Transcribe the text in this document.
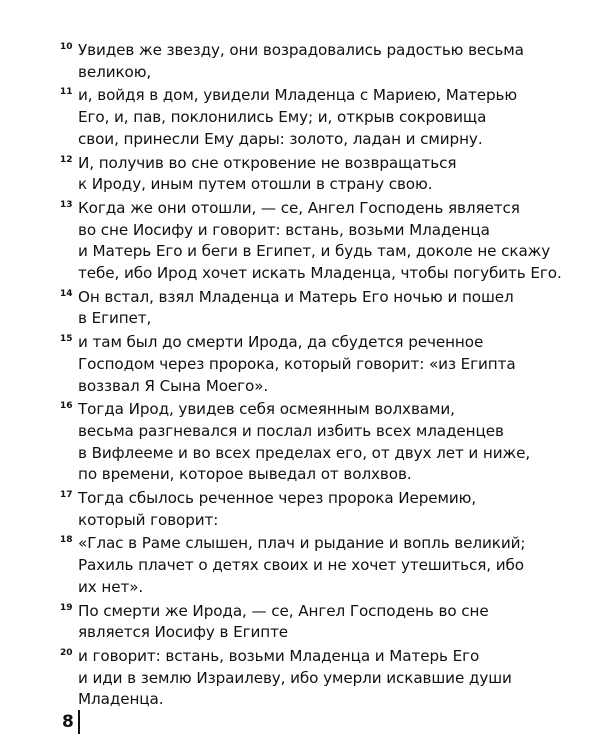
10 Увидев же звезду, они возрадовались радостью весьма
великою,
11 и, войдя в дом, увидели Младенца с Мариею, Матерью
Его, и, пав, поклонились Ему; и, открыв сокровища
свои, принесли Ему дары: золото, ладан и смирну.
12 И, получив во сне откровение не возвращаться
к Ироду, иным путем отошли в страну свою.
13 Когда же они отошли, — се, Ангел Господень является
во сне Иосифу и говорит: встань, возьми Младенца
и Матерь Его и беги в Египет, и будь там, доколе не скажу
тебе, ибо Ирод хочет искать Младенца, чтобы погубить Его.
14 Он встал, взял Младенца и Матерь Его ночью и пошел
в Египет,
15 и там был до смерти Ирода, да сбудется реченное
Господом через пророка, который говорит: «из Египта
воззвал Я Сына Моего».
16 Тогда Ирод, увидев себя осмеянным волхвами,
весьма разгневался и послал избить всех младенцев
в Вифлееме и во всех пределах его, от двух лет и ниже,
по времени, которое выведал от волхвов.
17 Тогда сбылось реченное через пророка Иеремию,
который говорит:
18 «Глас в Раме слышен, плач и рыдание и вопль великий;
Рахиль плачет о детях своих и не хочет утешиться, ибо
их нет».
19 По смерти же Ирода, — се, Ангел Господень во сне
является Иосифу в Египте
20 и говорит: встань, возьми Младенца и Матерь Его
и иди в землю Израилеву, ибо умерли искавшие души
Младенца.
8
